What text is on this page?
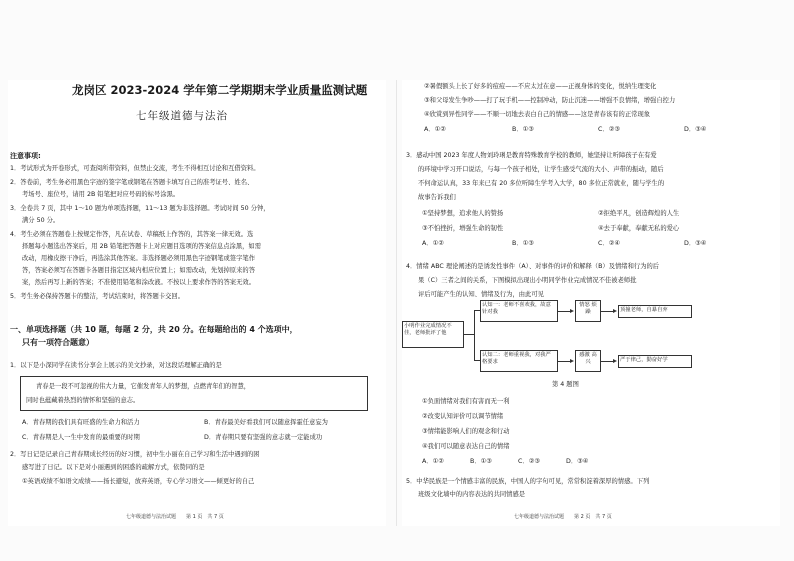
龙岗区 2023-2024 学年第二学期期末学业质量监测试题
七年级道德与法治
注意事项:
1．考试形式为开卷形式，可查阅所带资料，但禁止交流，考生不得相互讨论和互借资料。
2．答卷前，考生务必用黑色字迹的签字笔或钢笔在答题卡填写自己的准考证号、姓名、
考场号、座位号，请用 2B 铅笔把对应号码的标号涂黑。
3．全卷共 7 页，其中 1～10 题为单项选择题，11～13 题为非选择题。考试时间 50 分钟，
满分 50 分。
4．考生必须在答题卷上按规定作答，凡在试卷、草稿纸上作答的，其答案一律无效。选
择题每小题选出答案后，用 2B 铅笔把答题卡上对应题目选项的答案信息点涂黑，如需
改动，用橡皮擦干净后，再选涂其他答案。非选择题必须用黑色字迹钢笔或签字笔作
答，答案必须写在答题卡各题目指定区域内相应位置上；如需改动，先划掉原来的答
案，然后再写上新的答案；不准使用铅笔和涂改液。不按以上要求作答的答案无效。
5．考生务必保持答题卡的整洁，考试结束时，将答题卡交回。
一、单项选择题（共 10 题，每题 2 分，共 20 分。在每题给出的 4 个选项中，
只有一项符合题意）
1．以下是小深同学在读书分享会上展示的美文抄录，对这段话理解正确的是
青春是一段不可忽视的伟大力量，它催发青年人的梦想，点燃青年们的智慧，
同时也蕴藏着热烈的情怀和坚强的意志。
A．青春期的我们具有旺盛的生命力和活力	B．青春最美好看我们可以随意挥霍任意妄为
C．青春期是人一生中发育的最重要的时期	D．青春期只要有坚强的意志就一定能成功
2．写日记是记录自己青春期成长经历的好习惯，初中生小丽在自己学习和生活中遇到的困
感写进了日记。以下是对小丽遇到的困惑的疏解方式，依赞同的是
①英语成绩不如语文成绩——扬长避短，放弃英语，专心学习语文——倾更好的自己
七年级道德与法治试题　　第 1 页　共 7 页
②暑假额头上长了好多的痘痘——不应太过在意——正视身体的变化，悦纳生理变化
③和父母发生争吵——打了玩手机——控制冲动，防止沉迷——增强不良情绪，增强自控力
④欣赏到异性同学——不顺一切地去表白自己的情感——这是青春该有的正常现象
A．①②	B．①③	C．②③	D．③④
3．感动中国 2023 年度人物刘玲琍是教育特殊教育学校的教师，她坚持让听障孩子在有爱
的环境中学习开口说话，与每一个孩子相处，让学生感受气流的大小、声带的振动，随后
不何命运认真，33 年来已有 20 多位听障生学考入大学，80 多位正常就业，随与学生的
故事告诉我们
①坚持梦想，追求他人的赞扬	②拒绝平凡，创造辉煌的人生
③不怕挫折，增强生命的韧性	④去于奉献，奉献无私的爱心
A．①②	B．①③	C．②④	D．③④
4．情绪 ABC 理论阐述的是诱发性事件（A）、对事件的评价和解释（B）及情绪和行为的后
果（C）三者之间的关系，下图模拟出现出小明同学作业完成情况不佳被老师批
评后可能产生的认知、情绪及行为，由此可见
小明作业完成情况不佳，老师批评了他
认知一：老师不喜欢我，故意针对我
认知二：老师重视我，对我严格要求
情怒 烦躁
感激 高兴
顶撞老师，自暴自弃
严于律己，勤奋好学
第 4 题图
①负面情绪对我们有害而无一利
②改变认知评价可以调节情绪
③情绪能影响人们的观念和行动
④我们可以随意表达自己的情绪
A．①②	B．①③	C．②③	D．③④
5．中华民族是一个情感丰富的民族，中国人的字句可见，常常积淀着深厚的情感。下列
班级文化墙中的内容表达的共同情感是
七年级道德与法治试题　　第 2 页　共 7 页
